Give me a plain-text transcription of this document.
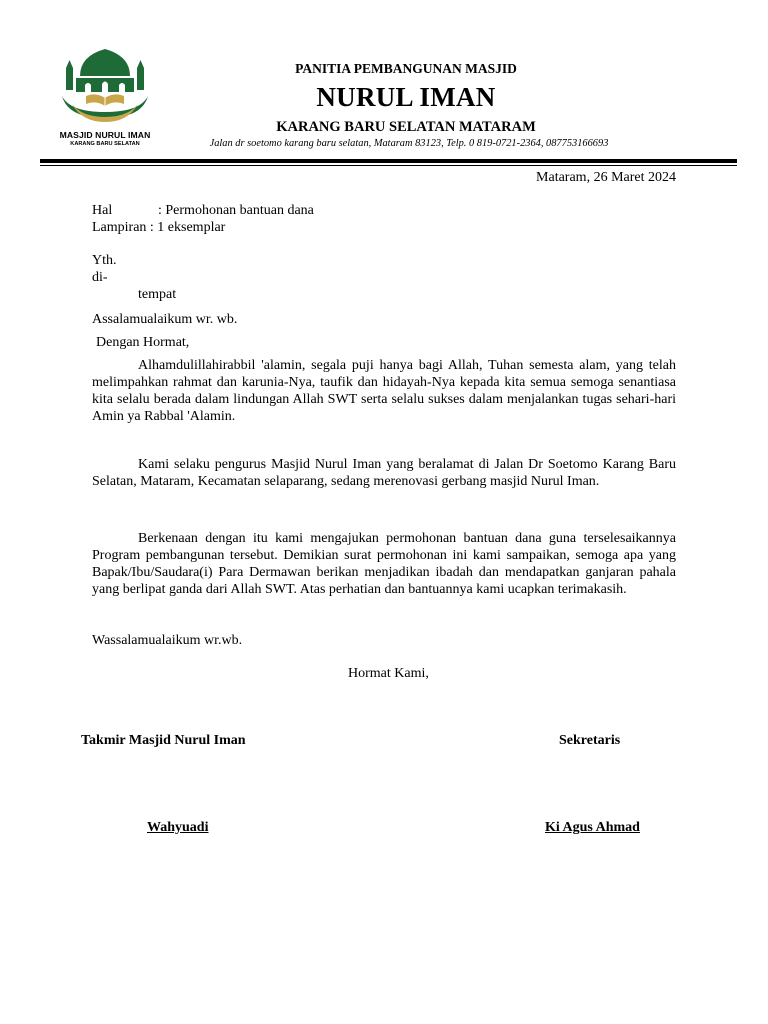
MASJID NURUL IMAN
KARANG BARU SELATAN
PANITIA PEMBANGUNAN MASJID
NURUL IMAN
KARANG BARU SELATAN MATARAM
Jalan dr soetomo karang baru selatan, Mataram 83123, Telp. 0 819-0721-2364, 087753166693
Mataram, 26 Maret 2024
Hal	: Permohonan bantuan dana
Lampiran : 1 eksemplar
Yth.
di-
tempat
Assalamualaikum wr. wb.
Dengan Hormat,
Alhamdulillahirabbil 'alamin, segala puji hanya bagi Allah, Tuhan semesta alam, yang telah melimpahkan rahmat dan karunia-Nya, taufik dan hidayah-Nya kepada kita semua semoga senantiasa kita selalu berada dalam lindungan Allah SWT serta selalu sukses dalam menjalankan tugas sehari-hari Amin ya Rabbal 'Alamin.
Kami selaku pengurus Masjid Nurul Iman yang beralamat di Jalan Dr Soetomo Karang Baru Selatan, Mataram, Kecamatan selaparang, sedang merenovasi gerbang masjid Nurul Iman.
Berkenaan dengan itu kami mengajukan permohonan bantuan dana guna terselesaikannya Program pembangunan tersebut. Demikian surat permohonan ini kami sampaikan, semoga apa yang Bapak/Ibu/Saudara(i) Para Dermawan berikan menjadikan ibadah dan mendapatkan ganjaran pahala yang berlipat ganda dari Allah SWT. Atas perhatian dan bantuannya kami ucapkan terimakasih.
Wassalamualaikum wr.wb.
Hormat Kami,
Takmir Masjid Nurul Iman	Sekretaris
Wahyuadi	Ki Agus Ahmad
